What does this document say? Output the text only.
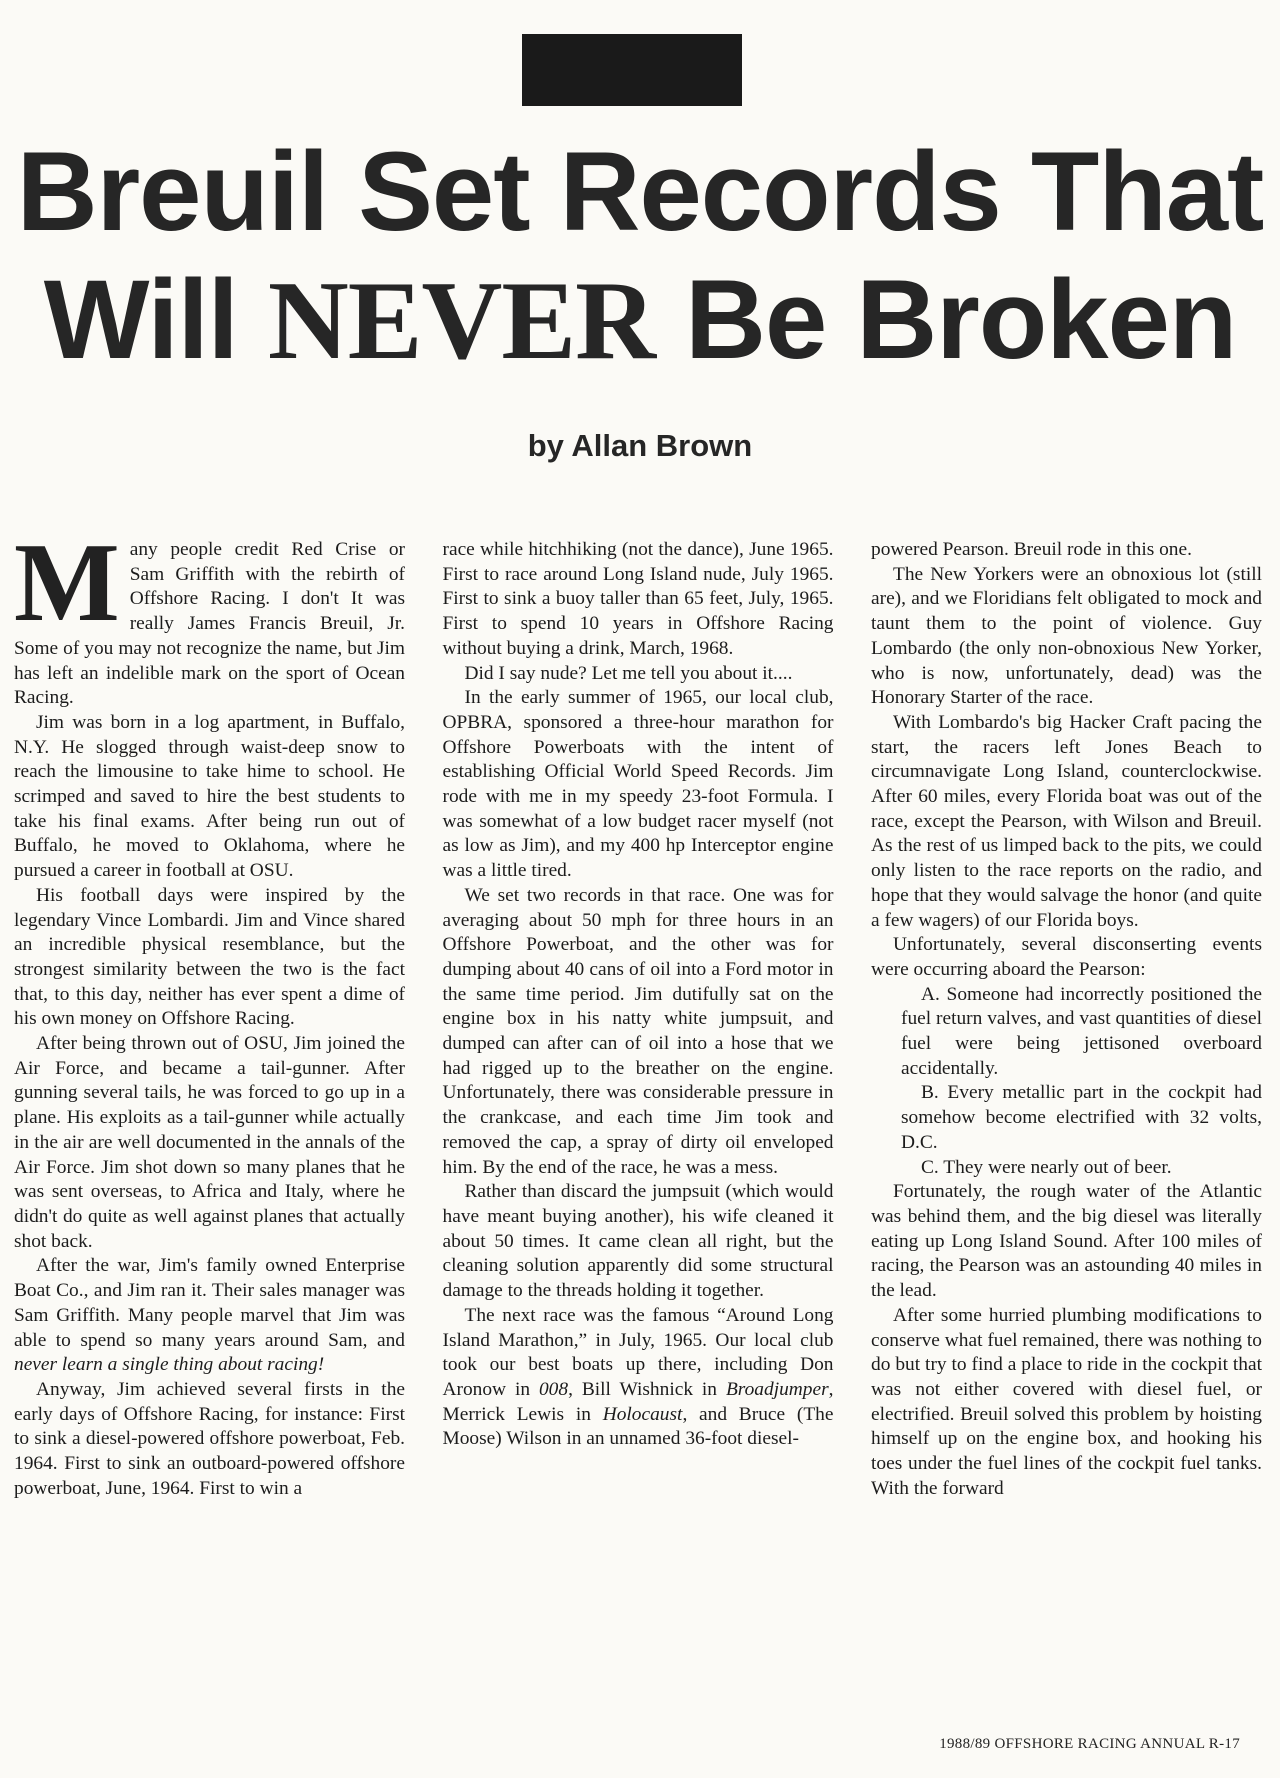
Breuil Set Records That
Will NEVER Be Broken
by Allan Brown

Many people credit Red Crise or Sam Griffith with the rebirth of Offshore Racing. I don't It was really James Francis Breuil, Jr. Some of you may not recognize the name, but Jim has left an indelible mark on the sport of Ocean Racing.

Jim was born in a log apartment, in Buffalo, N.Y. He slogged through waist-deep snow to reach the limousine to take hime to school. He scrimped and saved to hire the best students to take his final exams. After being run out of Buffalo, he moved to Oklahoma, where he pursued a career in football at OSU.

His football days were inspired by the legendary Vince Lombardi. Jim and Vince shared an incredible physical resemblance, but the strongest similarity between the two is the fact that, to this day, neither has ever spent a dime of his own money on Offshore Racing.

After being thrown out of OSU, Jim joined the Air Force, and became a tail-gunner. After gunning several tails, he was forced to go up in a plane. His exploits as a tail-gunner while actually in the air are well documented in the annals of the Air Force. Jim shot down so many planes that he was sent overseas, to Africa and Italy, where he didn't do quite as well against planes that actually shot back.

After the war, Jim's family owned Enterprise Boat Co., and Jim ran it. Their sales manager was Sam Griffith. Many people marvel that Jim was able to spend so many years around Sam, and never learn a single thing about racing!

Anyway, Jim achieved several firsts in the early days of Offshore Racing, for instance: First to sink a diesel-powered offshore powerboat, Feb. 1964. First to sink an outboard-powered offshore powerboat, June, 1964. First to win a

race while hitchhiking (not the dance), June 1965. First to race around Long Island nude, July 1965. First to sink a buoy taller than 65 feet, July, 1965. First to spend 10 years in Offshore Racing without buying a drink, March, 1968.

Did I say nude? Let me tell you about it....

In the early summer of 1965, our local club, OPBRA, sponsored a three-hour marathon for Offshore Powerboats with the intent of establishing Official World Speed Records. Jim rode with me in my speedy 23-foot Formula. I was somewhat of a low budget racer myself (not as low as Jim), and my 400 hp Interceptor engine was a little tired.

We set two records in that race. One was for averaging about 50 mph for three hours in an Offshore Powerboat, and the other was for dumping about 40 cans of oil into a Ford motor in the same time period. Jim dutifully sat on the engine box in his natty white jumpsuit, and dumped can after can of oil into a hose that we had rigged up to the breather on the engine. Unfortunately, there was considerable pressure in the crankcase, and each time Jim took and removed the cap, a spray of dirty oil enveloped him. By the end of the race, he was a mess.

Rather than discard the jumpsuit (which would have meant buying another), his wife cleaned it about 50 times. It came clean all right, but the cleaning solution apparently did some structural damage to the threads holding it together.

The next race was the famous “Around Long Island Marathon,” in July, 1965. Our local club took our best boats up there, including Don Aronow in 008, Bill Wishnick in Broadjumper, Merrick Lewis in Holocaust, and Bruce (The Moose) Wilson in an unnamed 36-foot diesel-

powered Pearson. Breuil rode in this one.

The New Yorkers were an obnoxious lot (still are), and we Floridians felt obligated to mock and taunt them to the point of violence. Guy Lombardo (the only non-obnoxious New Yorker, who is now, unfortunately, dead) was the Honorary Starter of the race.

With Lombardo's big Hacker Craft pacing the start, the racers left Jones Beach to circumnavigate Long Island, counterclockwise. After 60 miles, every Florida boat was out of the race, except the Pearson, with Wilson and Breuil. As the rest of us limped back to the pits, we could only listen to the race reports on the radio, and hope that they would salvage the honor (and quite a few wagers) of our Florida boys.

Unfortunately, several disconserting events were occurring aboard the Pearson:

A. Someone had incorrectly positioned the fuel return valves, and vast quantities of diesel fuel were being jettisoned overboard accidentally.

B. Every metallic part in the cockpit had somehow become electrified with 32 volts, D.C.

C. They were nearly out of beer.

Fortunately, the rough water of the Atlantic was behind them, and the big diesel was literally eating up Long Island Sound. After 100 miles of racing, the Pearson was an astounding 40 miles in the lead.

After some hurried plumbing modifications to conserve what fuel remained, there was nothing to do but try to find a place to ride in the cockpit that was not either covered with diesel fuel, or electrified. Breuil solved this problem by hoisting himself up on the engine box, and hooking his toes under the fuel lines of the cockpit fuel tanks. With the forward

1988/89 OFFSHORE RACING ANNUAL R-17
